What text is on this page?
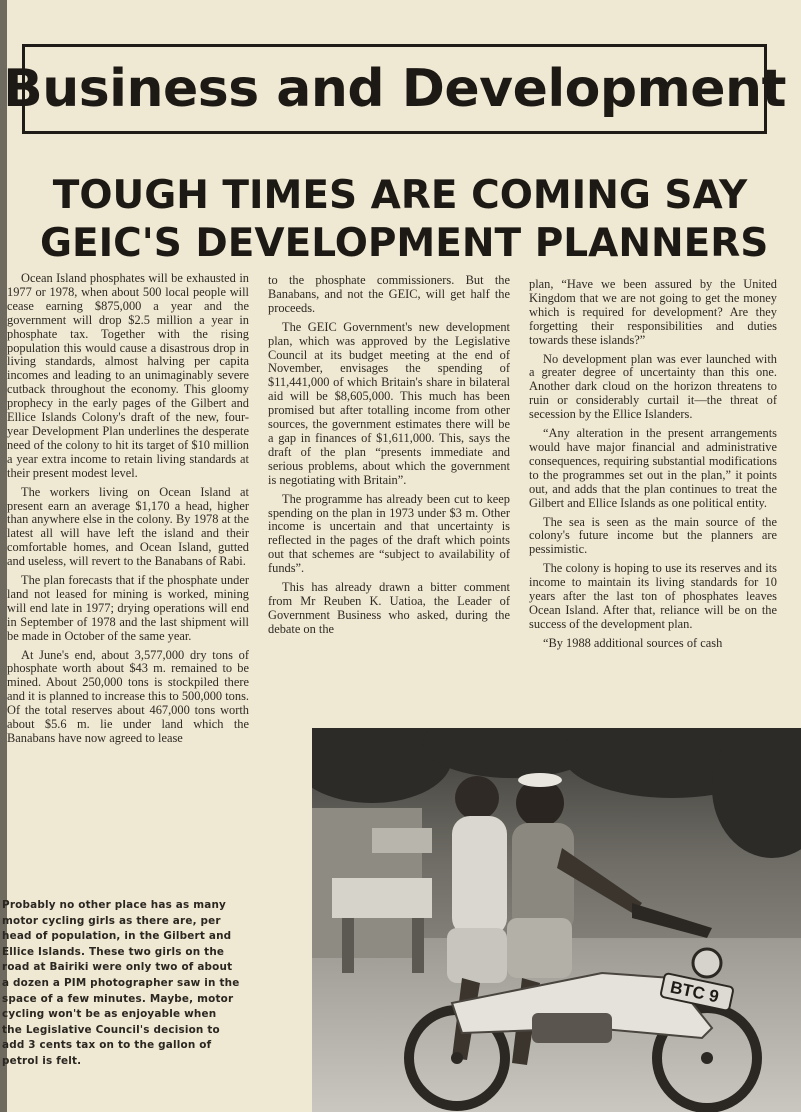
Business and Development
TOUGH TIMES ARE COMING SAY
GEIC'S DEVELOPMENT PLANNERS

Ocean Island phosphates will be exhausted in 1977 or 1978, when about 500 local people will cease earning $875,000 a year and the government will drop $2.5 million a year in phosphate tax. Together with the rising population this would cause a disastrous drop in living standards, almost halving per capita incomes and leading to an unimaginably severe cutback throughout the economy. This gloomy prophecy in the early pages of the Gilbert and Ellice Islands Colony's draft of the new, four-year Development Plan underlines the desperate need of the colony to hit its target of $10 million a year extra income to retain living standards at their present modest level.

The workers living on Ocean Island at present earn an average $1,170 a head, higher than anywhere else in the colony. By 1978 at the latest all will have left the island and their comfortable homes, and Ocean Island, gutted and useless, will revert to the Banabans of Rabi.

The plan forecasts that if the phosphate under land not leased for mining is worked, mining will end late in 1977; drying operations will end in September of 1978 and the last shipment will be made in October of the same year.

At June's end, about 3,577,000 dry tons of phosphate worth about $43 m. remained to be mined. About 250,000 tons is stockpiled there and it is planned to increase this to 500,000 tons. Of the total reserves about 467,000 tons worth about $5.6 m. lie under land which the Banabans have now agreed to lease

to the phosphate commissioners. But the Banabans, and not the GEIC, will get half the proceeds.

The GEIC Government's new development plan, which was approved by the Legislative Council at its budget meeting at the end of November, envisages the spending of $11,441,000 of which Britain's share in bilateral aid will be $8,605,000. This much has been promised but after totalling income from other sources, the government estimates there will be a gap in finances of $1,611,000. This, says the draft of the plan “presents immediate and serious problems, about which the government is negotiating with Britain”.

The programme has already been cut to keep spending on the plan in 1973 under $3 m. Other income is uncertain and that uncertainty is reflected in the pages of the draft which points out that schemes are “subject to availability of funds”.

This has already drawn a bitter comment from Mr Reuben K. Uatioa, the Leader of Government Business who asked, during the debate on the

plan, “Have we been assured by the United Kingdom that we are not going to get the money which is required for development? Are they forgetting their responsibilities and duties towards these islands?”

No development plan was ever launched with a greater degree of uncertainty than this one. Another dark cloud on the horizon threatens to ruin or considerably curtail it—the threat of secession by the Ellice Islanders.

“Any alteration in the present arrangements would have major financial and administrative consequences, requiring substantial modifications to the programmes set out in the plan,” it points out, and adds that the plan continues to treat the Gilbert and Ellice Islands as one political entity.

The sea is seen as the main source of the colony's future income but the planners are pessimistic.

The colony is hoping to use its reserves and its income to maintain its living standards for 10 years after the last ton of phosphates leaves Ocean Island. After that, reliance will be on the success of the development plan.

“By 1988 additional sources of cash

Probably no other place has as many motor cycling girls as there are, per head of population, in the Gilbert and Ellice Islands. These two girls on the road at Bairiki were only two of about a dozen a PIM photographer saw in the space of a few minutes. Maybe, motor cycling won't be as enjoyable when the Legislative Council's decision to add 3 cents tax on to the gallon of petrol is felt.
BTC 9
